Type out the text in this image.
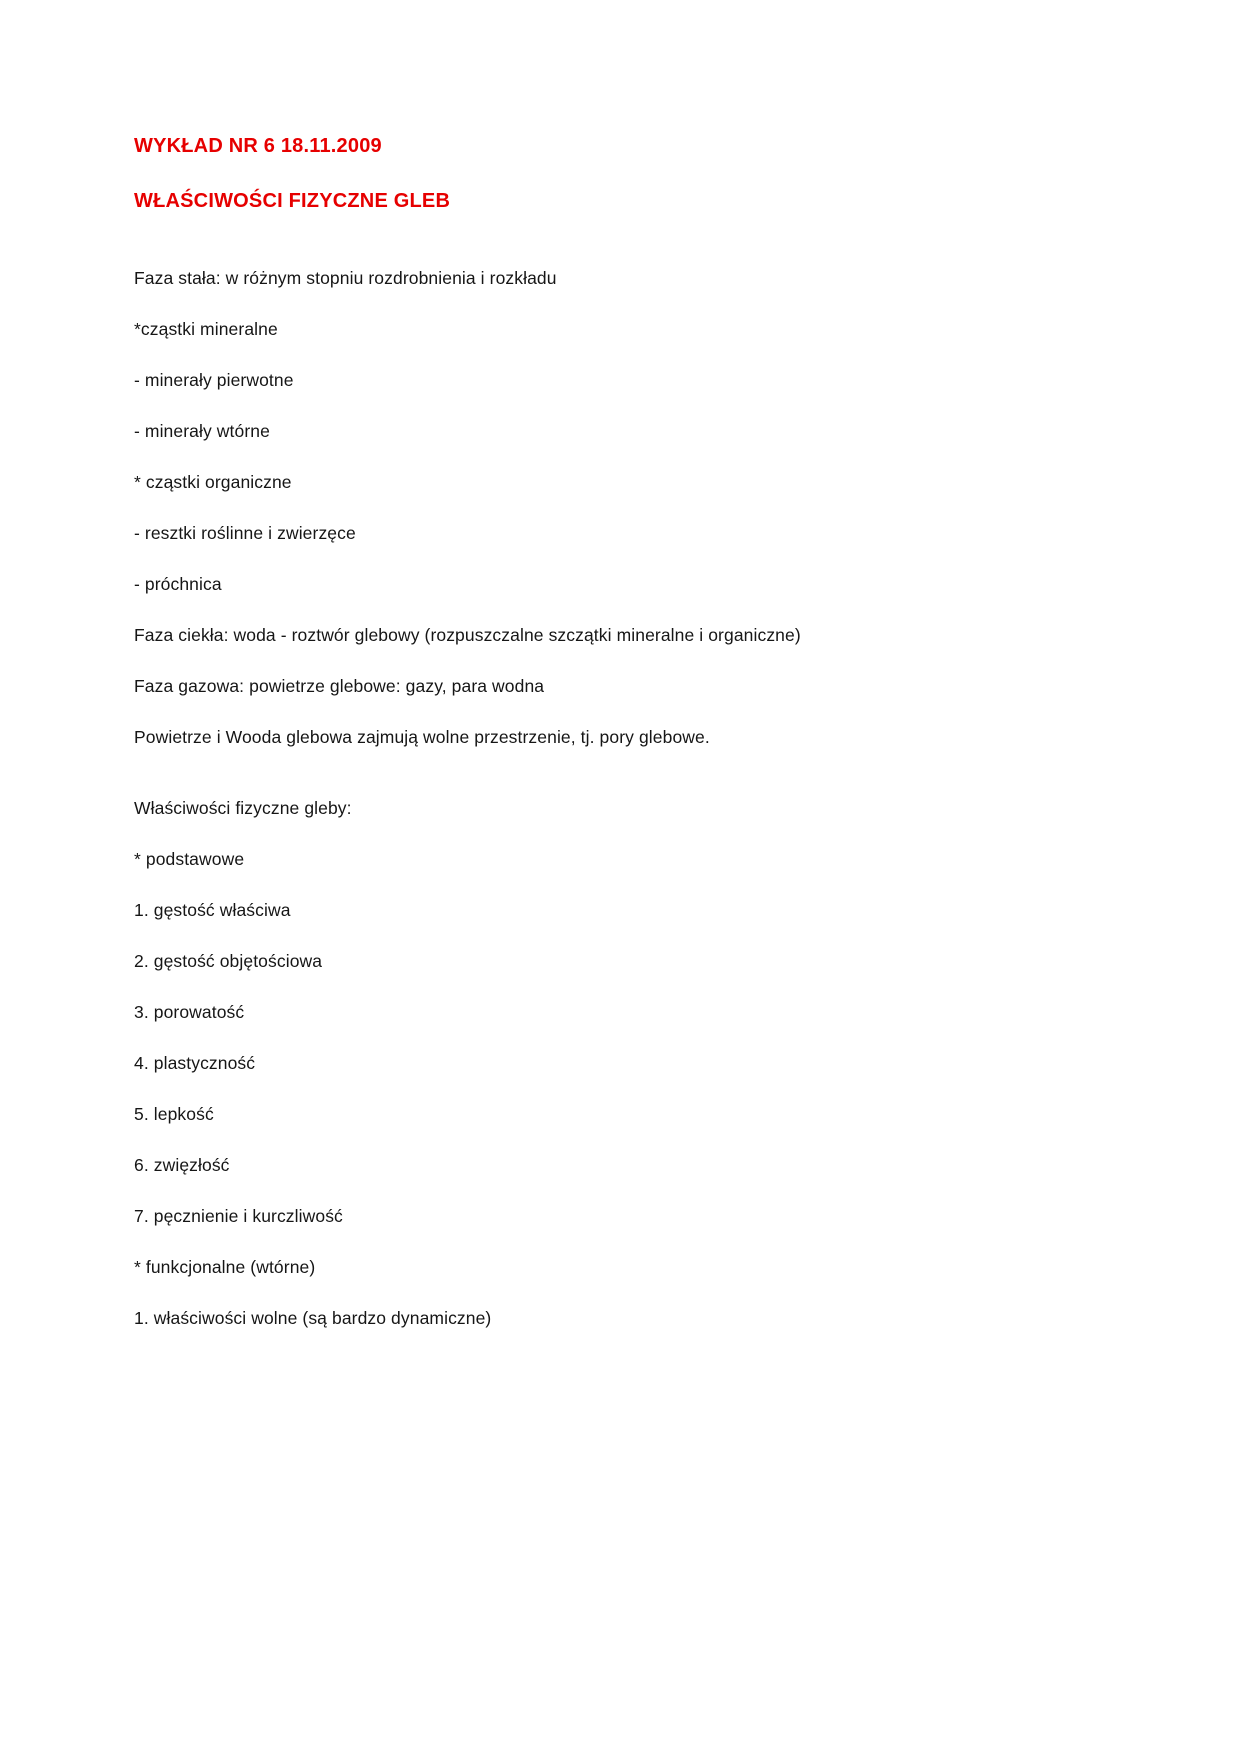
WYKŁAD NR 6 18.11.2009
WŁAŚCIWOŚCI FIZYCZNE GLEB

Faza stała: w różnym stopniu rozdrobnienia i rozkładu

*cząstki mineralne

- minerały pierwotne

- minerały wtórne

* cząstki organiczne

- resztki roślinne i zwierzęce

- próchnica

Faza ciekła: woda - roztwór glebowy (rozpuszczalne szczątki mineralne i organiczne)

Faza gazowa: powietrze glebowe: gazy, para wodna

Powietrze i Wooda glebowa zajmują wolne przestrzenie, tj. pory glebowe.

Właściwości fizyczne gleby:

* podstawowe

1. gęstość właściwa

2. gęstość objętościowa

3. porowatość

4. plastyczność

5. lepkość

6. zwięzłość

7. pęcznienie i kurczliwość

* funkcjonalne (wtórne)

1. właściwości wolne (są bardzo dynamiczne)
